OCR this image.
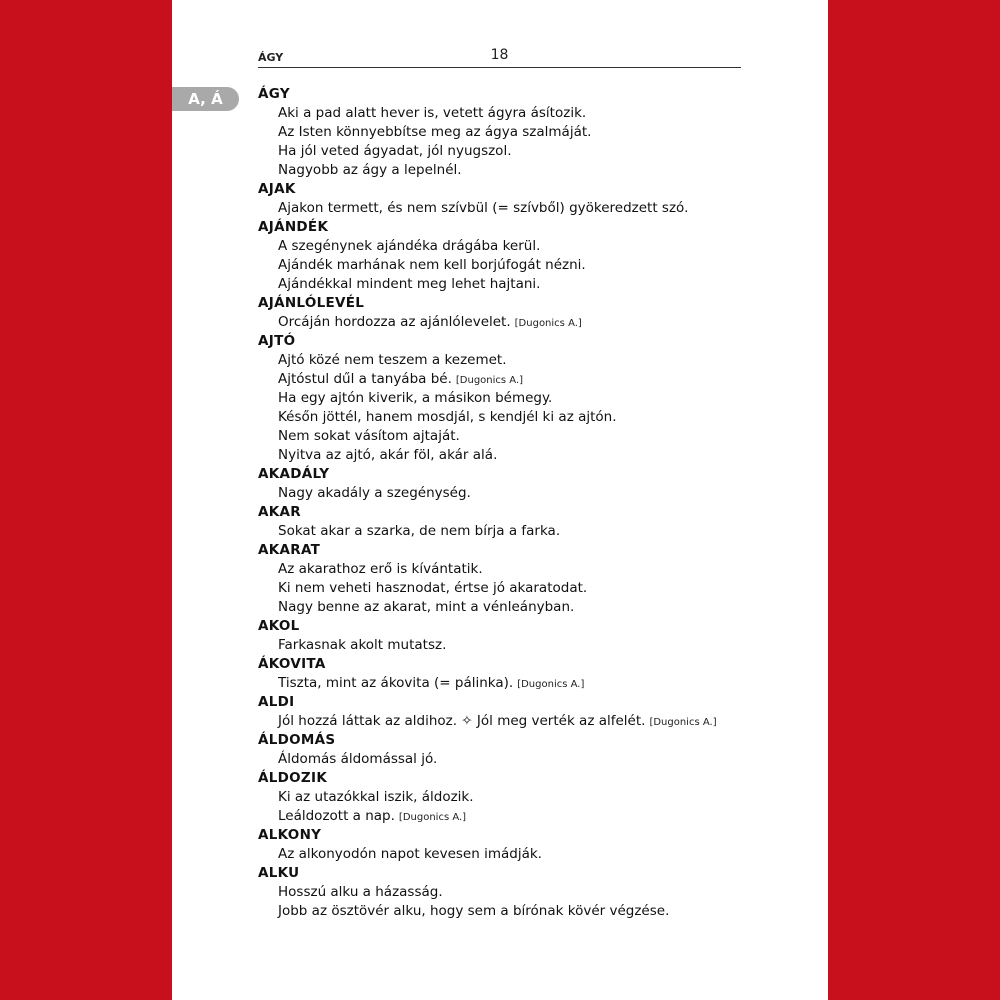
ÁGY	18
A, Á	ÁGY
Aki a pad alatt hever is, vetett ágyra ásítozik.
Az Isten könnyebbítse meg az ágya szalmáját.
Ha jól veted ágyadat, jól nyugszol.
Nagyobb az ágy a lepelnél.
AJAK
Ajakon termett, és nem szívbül (= szívből) gyökeredzett szó.
AJÁNDÉK
A szegénynek ajándéka drágába kerül.
Ajándék marhának nem kell borjúfogát nézni.
Ajándékkal mindent meg lehet hajtani.
AJÁNLÓLEVÉL
Orcáján hordozza az ajánlólevelet. [Dugonics A.]
AJTÓ
Ajtó közé nem teszem a kezemet.
Ajtóstul dűl a tanyába bé. [Dugonics A.]
Ha egy ajtón kiverik, a másikon bémegy.
Későn jöttél, hanem mosdjál, s kendjél ki az ajtón.
Nem sokat vásítom ajtaját.
Nyitva az ajtó, akár föl, akár alá.
AKADÁLY
Nagy akadály a szegénység.
AKAR
Sokat akar a szarka, de nem bírja a farka.
AKARAT
Az akarathoz erő is kívántatik.
Ki nem veheti hasznodat, értse jó akaratodat.
Nagy benne az akarat, mint a vénleányban.
AKOL
Farkasnak akolt mutatsz.
ÁKOVITA
Tiszta, mint az ákovita (= pálinka). [Dugonics A.]
ALDI
Jól hozzá láttak az aldihoz. ✧ Jól meg verték az alfelét. [Dugonics A.]
ÁLDOMÁS
Áldomás áldomással jó.
ÁLDOZIK
Ki az utazókkal iszik, áldozik.
Leáldozott a nap. [Dugonics A.]
ALKONY
Az alkonyodón napot kevesen imádják.
ALKU
Hosszú alku a házasság.
Jobb az ösztövér alku, hogy sem a bírónak kövér végzése.
